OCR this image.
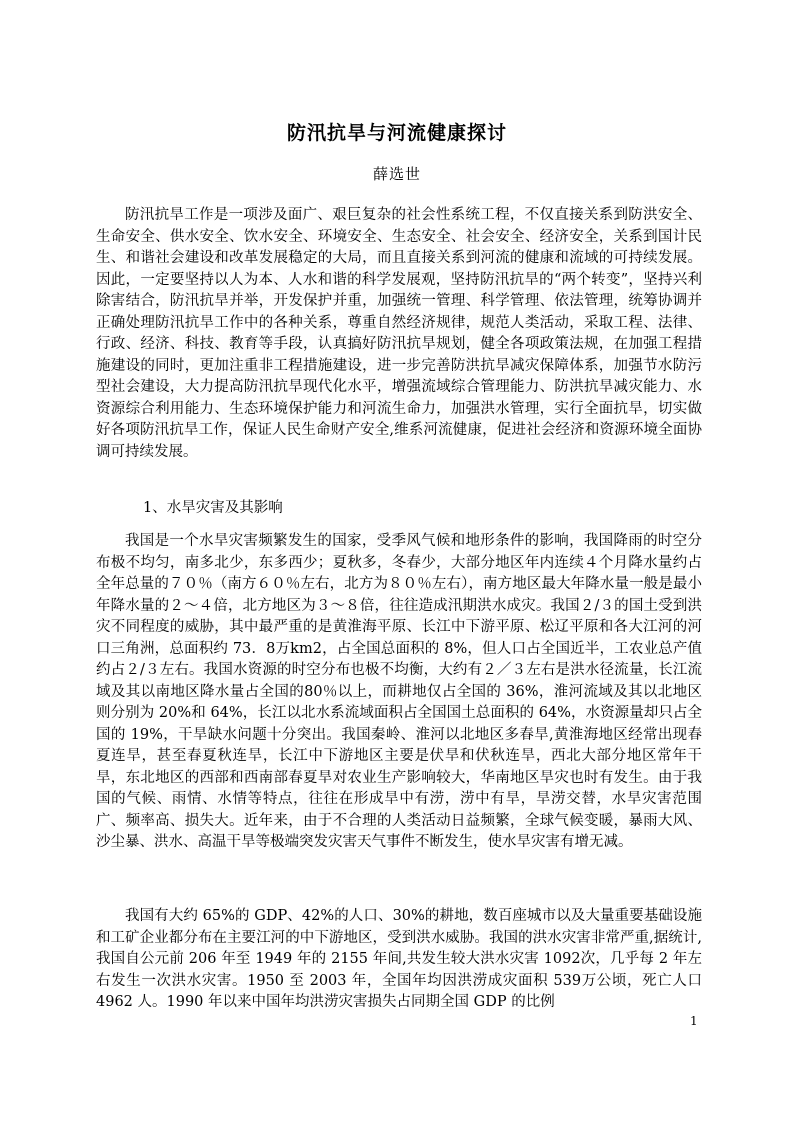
防汛抗旱与河流健康探讨
薛选世

防汛抗旱工作是一项涉及面广、艰巨复杂的社会性系统工程，不仅直接关系到防洪安全、生命安全、供水安全、饮水安全、环境安全、生态安全、社会安全、经济安全，关系到国计民生、和谐社会建设和改革发展稳定的大局，而且直接关系到河流的健康和流域的可持续发展。因此，一定要坚持以人为本、人水和谐的科学发展观，坚持防汛抗旱的“两个转变”，坚持兴利除害结合，防汛抗旱并举，开发保护并重，加强统一管理、科学管理、依法管理，统筹协调并正确处理防汛抗旱工作中的各种关系，尊重自然经济规律，规范人类活动，采取工程、法律、行政、经济、科技、教育等手段，认真搞好防汛抗旱规划，健全各项政策法规，在加强工程措施建设的同时，更加注重非工程措施建设，进一步完善防洪抗旱减灾保障体系，加强节水防污型社会建设，大力提高防汛抗旱现代化水平，增强流域综合管理能力、防洪抗旱减灾能力、水资源综合利用能力、生态环境保护能力和河流生命力，加强洪水管理，实行全面抗旱，切实做好各项防汛抗旱工作，保证人民生命财产安全,维系河流健康，促进社会经济和资源环境全面协调可持续发展。

1、水旱灾害及其影响

我国是一个水旱灾害频繁发生的国家，受季风气候和地形条件的影响，我国降雨的时空分布极不均匀，南多北少，东多西少；夏秋多，冬春少，大部分地区年内连续４个月降水量约占全年总量的７０％（南方６０％左右，北方为８０％左右），南方地区最大年降水量一般是最小年降水量的２～４倍，北方地区为３～８倍，往往造成汛期洪水成灾。我国２/３的国土受到洪灾不同程度的威胁，其中最严重的是黄淮海平原、长江中下游平原、松辽平原和各大江河的河口三角洲，总面积约 73．8万km2，占全国总面积的 8%，但人口占全国近半，工农业总产值约占２/３左右。我国水资源的时空分布也极不均衡，大约有２／３左右是洪水径流量，长江流域及其以南地区降水量占全国的80％以上，而耕地仅占全国的 36%，淮河流域及其以北地区则分别为 20%和 64%，长江以北水系流域面积占全国国土总面积的 64%，水资源量却只占全国的 19%，干旱缺水问题十分突出。我国秦岭、淮河以北地区多春旱,黄淮海地区经常出现春夏连旱，甚至春夏秋连旱，长江中下游地区主要是伏旱和伏秋连旱，西北大部分地区常年干旱，东北地区的西部和西南部春夏旱对农业生产影响较大，华南地区旱灾也时有发生。由于我国的气候、雨情、水情等特点，往往在形成旱中有涝，涝中有旱，旱涝交替，水旱灾害范围广、频率高、损失大。近年来，由于不合理的人类活动日益频繁，全球气候变暖，暴雨大风、沙尘暴、洪水、高温干旱等极端突发灾害天气事件不断发生，使水旱灾害有增无减。

我国有大约 65%的 GDP、42%的人口、30%的耕地，数百座城市以及大量重要基础设施和工矿企业都分布在主要江河的中下游地区，受到洪水威胁。我国的洪水灾害非常严重,据统计,我国自公元前 206 年至 1949 年的 2155 年间,共发生较大洪水灾害 1092次，几乎每 2 年左右发生一次洪水灾害。1950 至 2003 年，全国年均因洪涝成灾面积 539万公顷，死亡人口 4962 人。1990 年以来中国年均洪涝灾害损失占同期全国 GDP 的比例

1
